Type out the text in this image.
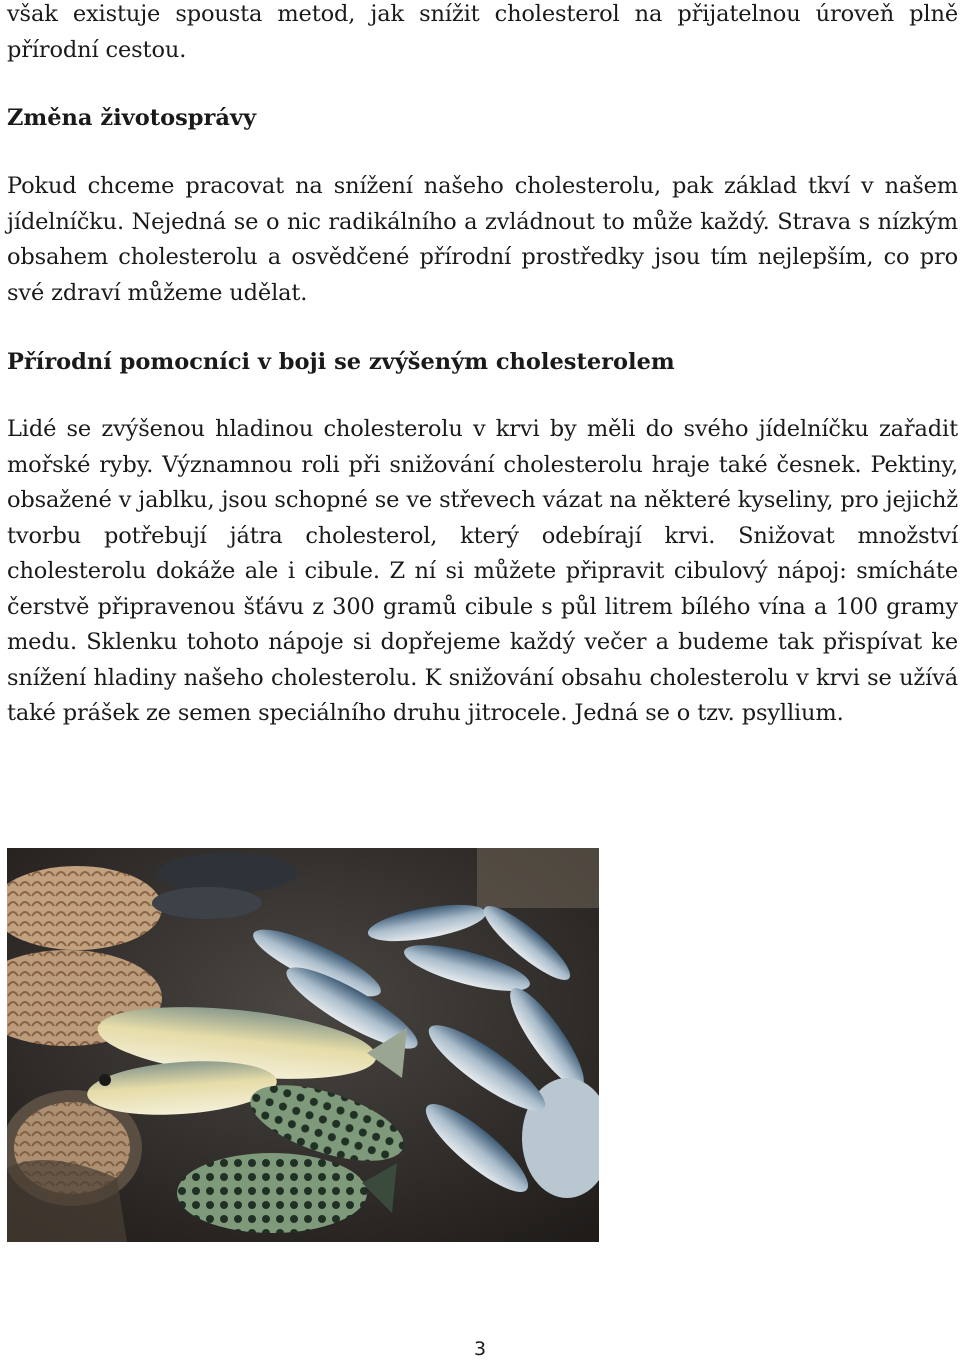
však existuje spousta metod, jak snížit cholesterol na přijatelnou úroveň plně přírodní cestou.

Změna životosprávy

Pokud chceme pracovat na snížení našeho cholesterolu, pak základ tkví v našem jídelníčku. Nejedná se o nic radikálního a zvládnout to může každý. Strava s nízkým obsahem cholesterolu a osvědčené přírodní prostředky jsou tím nejlepším, co pro své zdraví můžeme udělat.

Přírodní pomocníci v boji se zvýšeným cholesterolem

Lidé se zvýšenou hladinou cholesterolu v krvi by měli do svého jídelníčku zařadit mořské ryby. Významnou roli při snižování cholesterolu hraje také česnek. Pektiny, obsažené v jablku, jsou schopné se ve střevech vázat na některé kyseliny, pro jejichž tvorbu potřebují játra cholesterol, který odebírají krvi. Snižovat množství cholesterolu dokáže ale i cibule. Z ní si můžete připravit cibulový nápoj: smícháte čerstvě připravenou šťávu z 300 gramů cibule s půl litrem bílého vína a 100 gramy medu. Sklenku tohoto nápoje si dopřejeme každý večer a budeme tak přispívat ke snížení hladiny našeho cholesterolu. K snižování obsahu cholesterolu v krvi se užívá také prášek ze semen speciálního druhu jitrocele. Jedná se o tzv. psyllium.

3
